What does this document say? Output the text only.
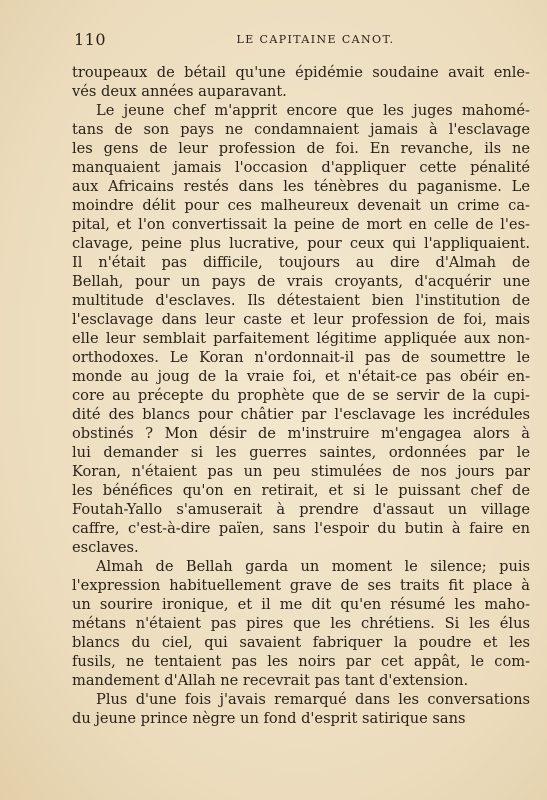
110	LE CAPITAINE CANOT.
troupeaux de bétail qu'une épidémie soudaine avait enle-
vés deux années auparavant.
Le jeune chef m'apprit encore que les juges mahomé-
tans de son pays ne condamnaient jamais à l'esclavage
les gens de leur profession de foi. En revanche, ils ne
manquaient jamais l'occasion d'appliquer cette pénalité
aux Africains restés dans les ténèbres du paganisme. Le
moindre délit pour ces malheureux devenait un crime ca-
pital, et l'on convertissait la peine de mort en celle de l'es-
clavage, peine plus lucrative, pour ceux qui l'appliquaient.
Il n'était pas difficile, toujours au dire d'Almah de
Bellah, pour un pays de vrais croyants, d'acquérir une
multitude d'esclaves. Ils détestaient bien l'institution de
l'esclavage dans leur caste et leur profession de foi, mais
elle leur semblait parfaitement légitime appliquée aux non-
orthodoxes. Le Koran n'ordonnait-il pas de soumettre le
monde au joug de la vraie foi, et n'était-ce pas obéir en-
core au précepte du prophète que de se servir de la cupi-
dité des blancs pour châtier par l'esclavage les incrédules
obstinés ? Mon désir de m'instruire m'engagea alors à
lui demander si les guerres saintes, ordonnées par le
Koran, n'étaient pas un peu stimulées de nos jours par
les bénéfices qu'on en retirait, et si le puissant chef de
Foutah-Yallo s'amuserait à prendre d'assaut un village
caffre, c'est-à-dire païen, sans l'espoir du butin à faire en
esclaves.
Almah de Bellah garda un moment le silence; puis
l'expression habituellement grave de ses traits fit place à
un sourire ironique, et il me dit qu'en résumé les maho-
métans n'étaient pas pires que les chrétiens. Si les élus
blancs du ciel, qui savaient fabriquer la poudre et les
fusils, ne tentaient pas les noirs par cet appât, le com-
mandement d'Allah ne recevrait pas tant d'extension.
Plus d'une fois j'avais remarqué dans les conversations
du jeune prince nègre un fond d'esprit satirique sans
